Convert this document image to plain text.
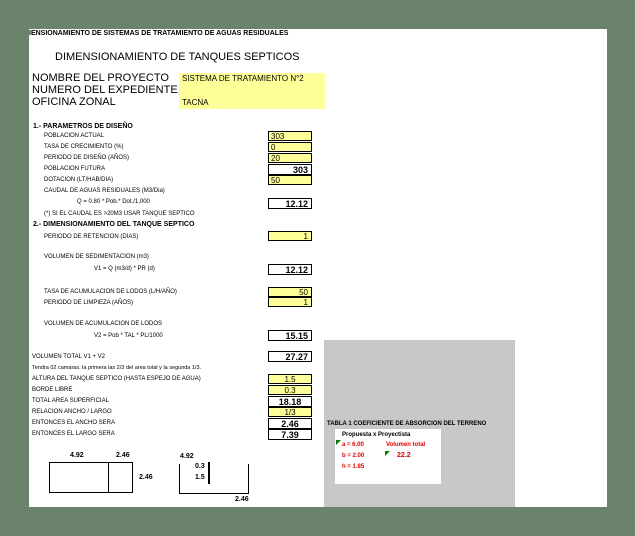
IENSIONAMIENTO DE SISTEMAS DE TRATAMIENTO DE AGUAS RESIDUALES
DIMENSIONAMIENTO DE TANQUES SEPTICOS
NOMBRE DEL PROYECTO	SISTEMA DE TRATAMIENTO N°2
NUMERO DEL EXPEDIENTE
OFICINA ZONAL	TACNA
1.- PARAMETROS DE DISEÑO
POBLACION ACTUAL	303
TASA DE CRECIMIENTO (%)	0
PERIODO DE DISEÑO (AÑOS)	20
POBLACION FUTURA	303
DOTACION (LT/HAB/DIA)	50
CAUDAL DE AGUAS RESIDUALES (M3/Dia)
Q = 0.80 * Pob.* Dot./1,000	12.12
(*) SI EL CAUDAL ES >20M3 USAR TANQUE SEPTICO
2.- DIMENSIONAMIENTO DEL TANQUE SEPTICO
PERIODO DE RETENCION (DIAS)	1
VOLUMEN DE SEDIMENTACION (m3)
V1 = Q (m3/d) * PR (d)	12.12
TASA DE ACUMULACION DE LODOS (L/H/AÑO)	50
PERIODO DE LIMPIEZA (AÑOS)	1
VOLUMEN DE ACUMULACION DE LODOS
V2 = Pob * TAL * PL/1000	15.15
VOLUMEN TOTAL V1 + V2	27.27
Tendra 02 camaras. la primera las 2/3 del area total y la segunda 1/3.
ALTURA DEL TANQUE SEPTICO (HASTA ESPEJO DE AGUA)	1.5
BORDE LIBRE	0.3
TOTAL AREA SUPERFICIAL	18.18
RELACION ANCHO / LARGO	1/3
ENTONCES EL ANCHO SERA	2.46
ENTONCES EL LARGO SERA	7.39
4.92	2.46
2.46
4.92
0.3
1.5
2.46
TABLA 1 COEFICIENTE DE ABSORCION DEL TERRENO
Propuesta x Proyectista
a = 6.00	Volumen total
b = 2.00	22.2
h = 1.85
